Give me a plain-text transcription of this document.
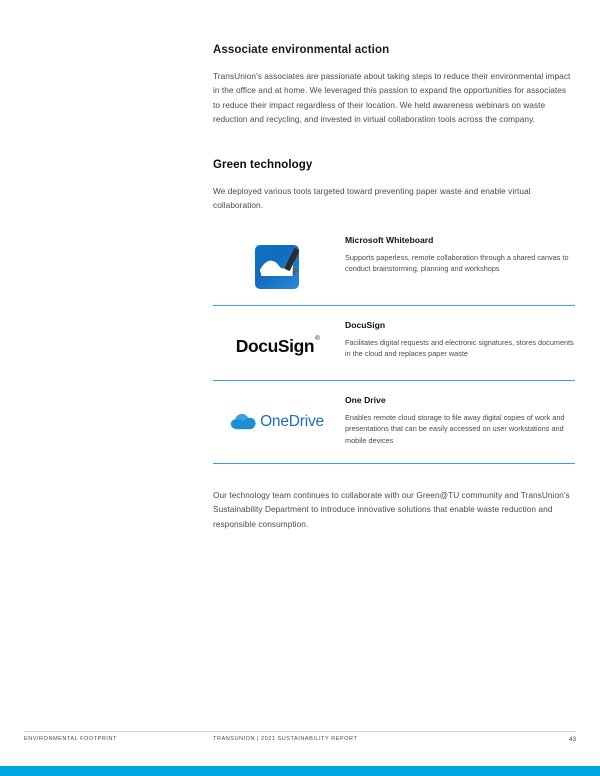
Associate environmental action

TransUnion's associates are passionate about taking steps to reduce their environmental impact in the office and at home. We leveraged this passion to expand the opportunities for associates to reduce their impact regardless of their location. We held awareness webinars on waste reduction and recycling, and invested in virtual collaboration tools across the company.

Green technology

We deployed various tools targeted toward preventing paper waste and enable virtual collaboration.

Microsoft Whiteboard

Supports paperless, remote collaboration through a shared canvas to conduct brainstorming, planning and workshops

DocuSign®

DocuSign

Facilitates digital requests and electronic signatures, stores documents in the cloud and replaces paper waste

OneDrive

One Drive

Enables remote cloud storage to file away digital copies of work and presentations that can be easily accessed on user workstations and mobile devices

Our technology team continues to collaborate with our Green@TU community and TransUnion's Sustainability Department to introduce innovative solutions that enable waste reduction and responsible consumption.

ENVIRONMENTAL FOOTPRINT	TRANSUNION | 2021 SUSTAINABILITY REPORT	43
